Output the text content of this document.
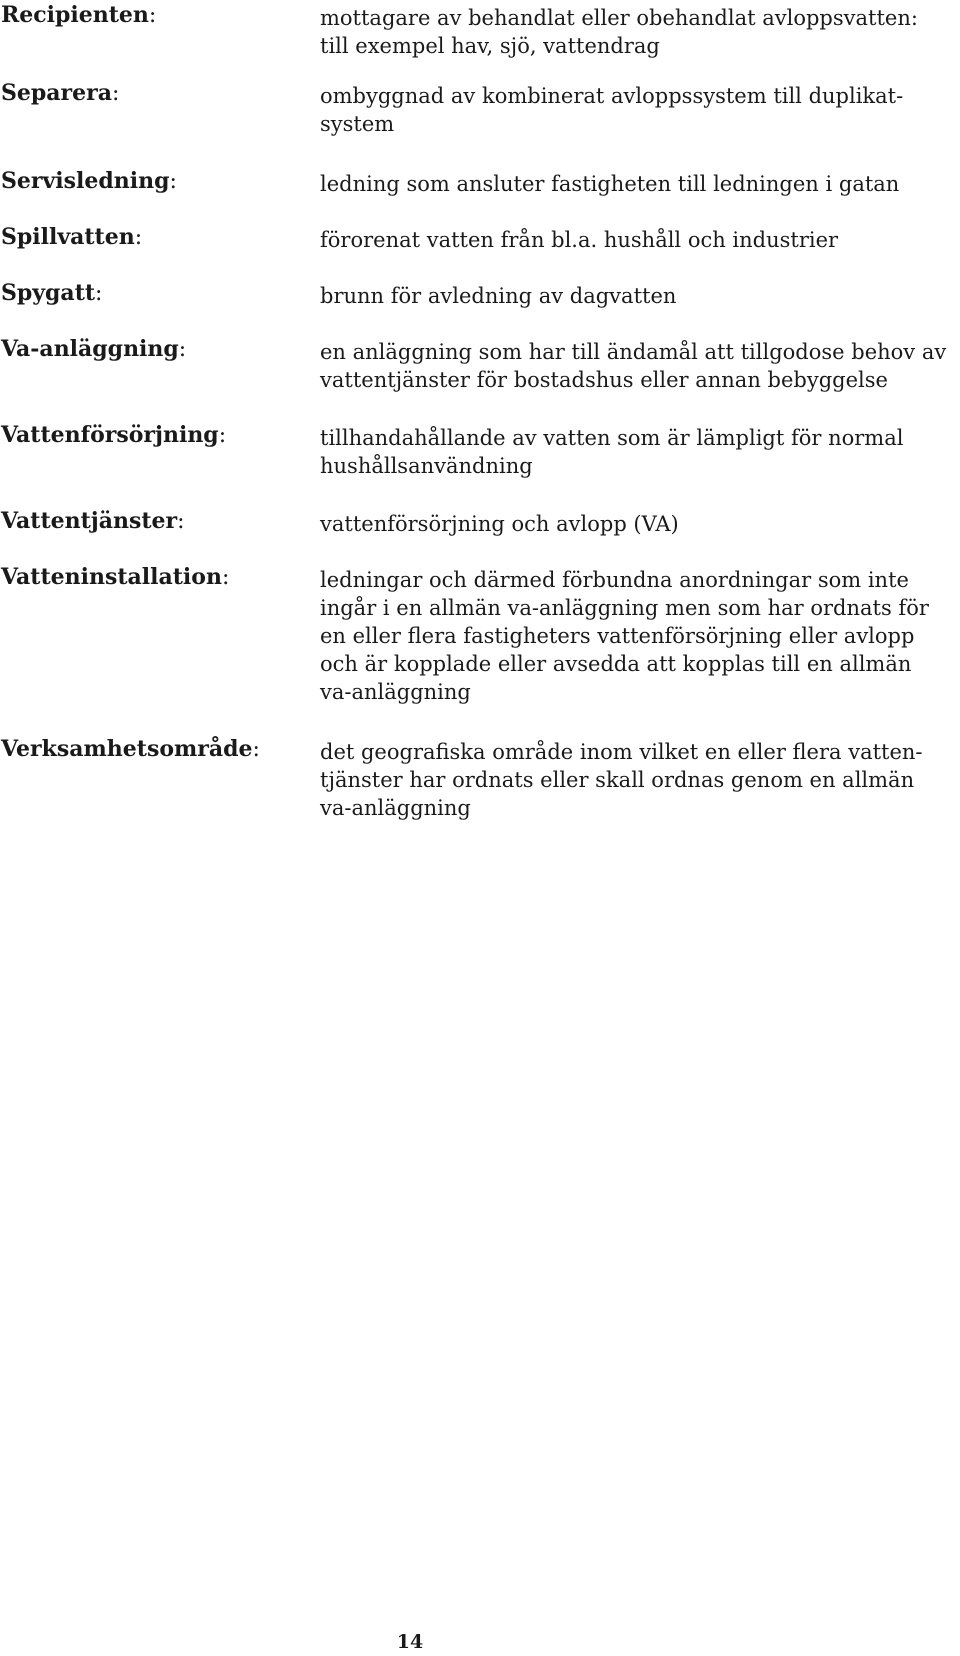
Recipienten:	mottagare av behandlat eller obehandlat avloppsvatten:
till exempel hav, sjö, vattendrag
Separera:	ombyggnad av kombinerat avloppssystem till duplikat-
system
Servisledning:	ledning som ansluter fastigheten till ledningen i gatan
Spillvatten:	förorenat vatten från bl.a. hushåll och industrier
Spygatt:	brunn för avledning av dagvatten
Va-anläggning:	en anläggning som har till ändamål att tillgodose behov av
vattentjänster för bostadshus eller annan bebyggelse
Vattenförsörjning:	tillhandahållande av vatten som är lämpligt för normal
hushållsanvändning
Vattentjänster:	vattenförsörjning och avlopp (VA)
Vatteninstallation:	ledningar och därmed förbundna anordningar som inte
ingår i en allmän va-anläggning men som har ordnats för
en eller flera fastigheters vattenförsörjning eller avlopp
och är kopplade eller avsedda att kopplas till en allmän
va-anläggning
Verksamhetsområde:	det geografiska område inom vilket en eller flera vatten-
tjänster har ordnats eller skall ordnas genom en allmän
va-anläggning
14
